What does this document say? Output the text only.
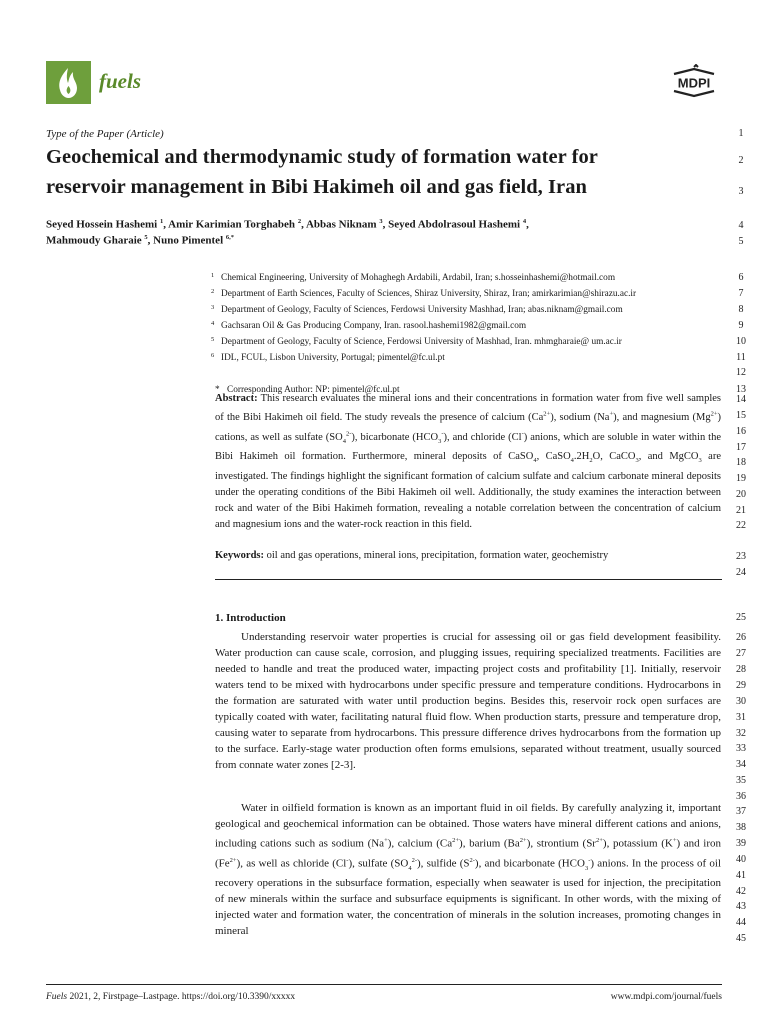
fuels	MDPI
Type of the Paper (Article)
Geochemical and thermodynamic study of formation water for
reservoir management in Bibi Hakimeh oil and gas field, Iran
Seyed Hossein Hashemi $^1$, Amir Karimian Torghabeh $^2$, Abbas Niknam $^3$, Seyed Abdolrasoul Hashemi $^4$,
Mahmoudy Gharaie $^5$, Nuno Pimentel $^{6,*}$
$^1$ Chemical Engineering, University of Mohaghegh Ardabili, Ardabil, Iran; s.hosseinhashemi@hotmail.com
$^2$ Department of Earth Sciences, Faculty of Sciences, Shiraz University, Shiraz, Iran; amirkarimian@shirazu.ac.ir
$^3$ Department of Geology, Faculty of Sciences, Ferdowsi University Mashhad, Iran; abas.niknam@gmail.com
$^4$ Gachsaran Oil & Gas Producing Company, Iran. rasool.hashemi1982@gmail.com
$^5$ Department of Geology, Faculty of Science, Ferdowsi University of Mashhad, Iran. mhmgharaie@ um.ac.ir
$^6$ IDL, FCUL, Lisbon University, Portugal; pimentel@fc.ul.pt
* Corresponding Author: NP: pimentel@fc.ul.pt
Abstract: This research evaluates the mineral ions and their concentrations in formation water from five well samples of the Bibi Hakimeh oil field. The study reveals the presence of calcium $(Ca^{2+})$, sodium (Na+), and magnesium $(Mg^{2+})$ cations, as well as sulfate $(SO_4^{2-})$, bicarbonate $(HCO_3^-)$, and chloride (Cl-) anions, which are soluble in water within the Bibi Hakimeh oil formation. Furthermore, mineral deposits of CaSO$_4$, $CaSO_4.2H_2O$, CaCO$_3$, and MgCO$_3$ are investigated. The findings highlight the significant formation of calcium sulfate and calcium carbonate mineral deposits under the operating conditions of the Bibi Hakimeh oil well. Additionally, the study examines the interaction between rock and water of the Bibi Hakimeh formation, revealing a notable correlation between the concentration of calcium and magnesium ions and the water-rock reaction in this field.
Keywords: oil and gas operations, mineral ions, precipitation, formation water, geochemistry
1. Introduction
Understanding reservoir water properties is crucial for assessing oil or gas field development feasibility. Water production can cause scale, corrosion, and plugging issues, requiring specialized treatments. Facilities are needed to handle and treat the produced water, impacting project costs and profitability [1]. Initially, reservoir waters tend to be mixed with hydrocarbons under specific pressure and temperature conditions. Hydrocarbons in the formation are saturated with water until production begins. Besides this, reservoir rock open surfaces are typically coated with water, facilitating natural fluid flow. When production starts, pressure and temperature drop, causing water to separate from hydrocarbons. This pressure difference drives hydrocarbons from the formation up to the surface. Early-stage water production often forms emulsions, separated without treatment, usually sourced from connate water zones [2-3].
Water in oilfield formation is known as an important fluid in oil fields. By carefully analyzing it, important geological and geochemical information can be obtained. Those waters have mineral different cations and anions, including cations such as sodium (Na+), calcium $(Ca^{2+})$, barium $(Ba^{2+})$, strontium $(Sr^{2+})$, potassium (K+) and iron $(Fe^{2+})$, as well as chloride (Cl-), sulfate $(SO_4^{2-})$, sulfide $(S^{2-})$, and bicarbonate $(HCO_3^-)$ anions. In the process of oil recovery operations in the subsurface formation, especially when seawater is used for injection, the precipitation of new minerals within the surface and subsurface equipments is significant. In other words, with the mixing of injected water and formation water, the concentration of minerals in the solution increases, promoting changes in mineral
1
2
3
4
5
6
7
8
9
10
11
12
13
14
15
16
17
18
19
20
21
22
23
24
25
26
27
28
29
30
31
32
33
34
35
36
37
38
39
40
41
42
43
44
45
Fuels 2021, 2, Firstpage–Lastpage. https://doi.org/10.3390/xxxxx	www.mdpi.com/journal/fuels
